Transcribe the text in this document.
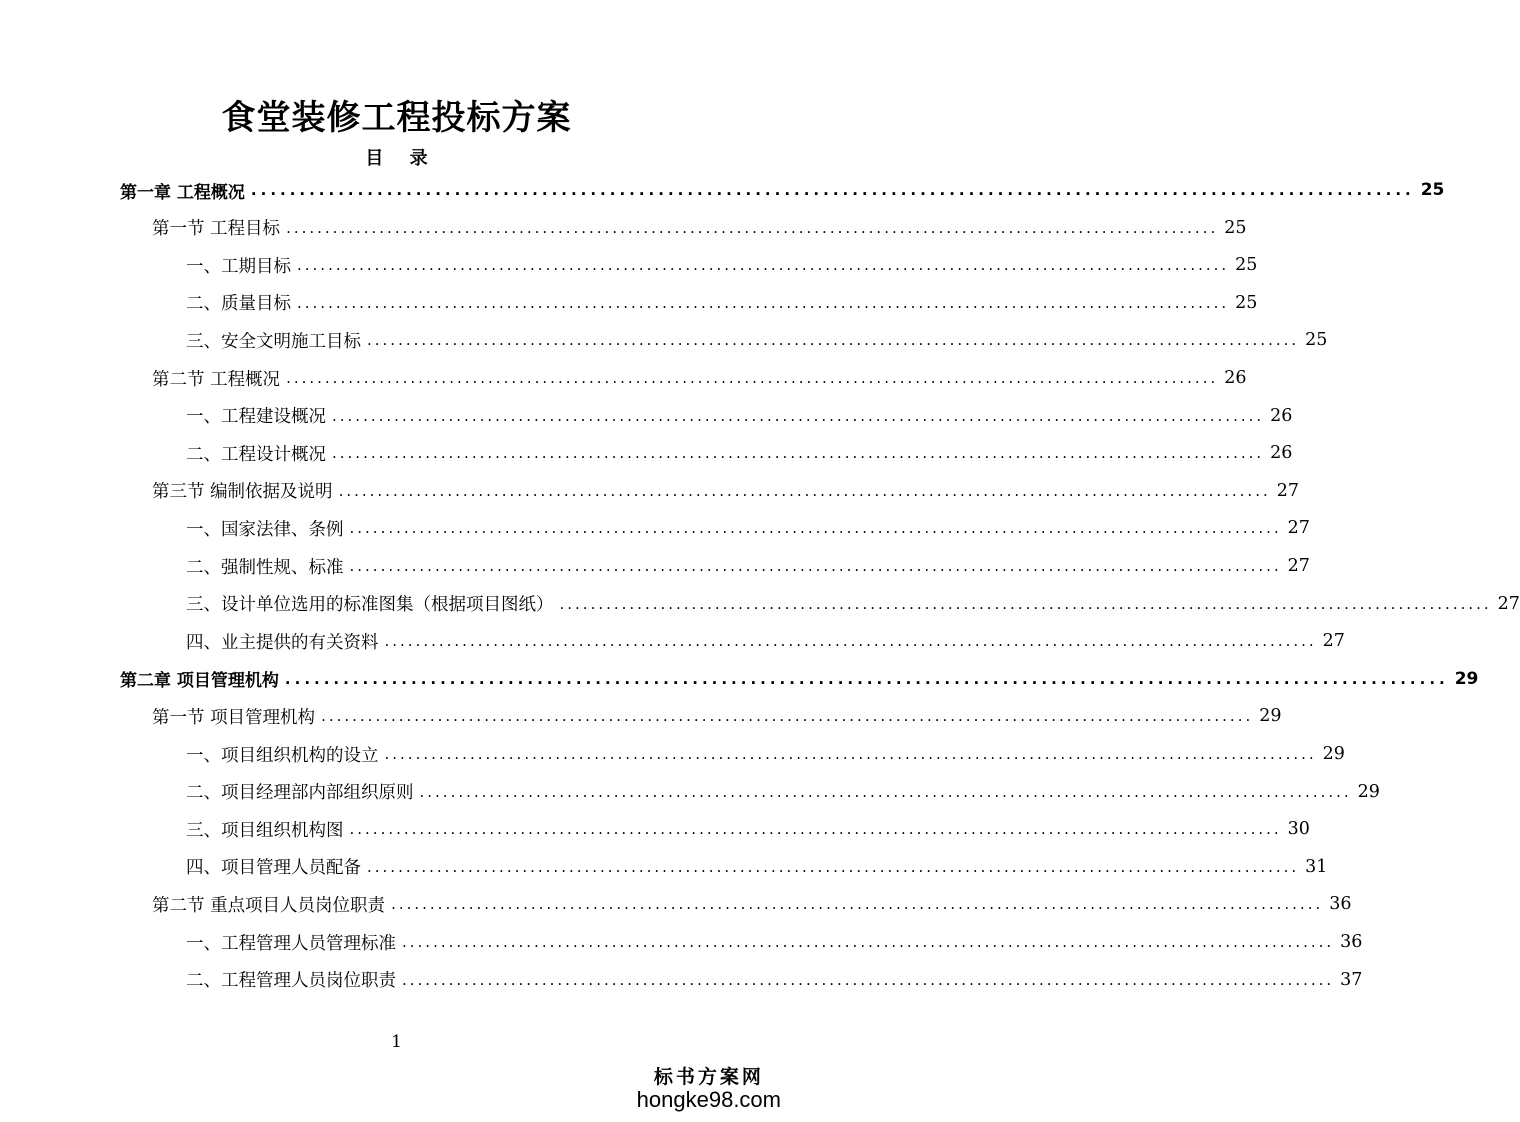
食堂装修工程投标方案
目 录
第一章 工程概况 ........................................................................................................................ 25
第一节 工程目标 ........................................................................................................................ 25
一、工期目标 ........................................................................................................................ 25
二、质量目标 ........................................................................................................................ 25
三、安全文明施工目标 ........................................................................................................................ 25
第二节 工程概况 ........................................................................................................................ 26
一、工程建设概况 ........................................................................................................................ 26
二、工程设计概况 ........................................................................................................................ 26
第三节 编制依据及说明 ........................................................................................................................ 27
一、国家法律、条例 ........................................................................................................................ 27
二、强制性规、标准 ........................................................................................................................ 27
三、设计单位选用的标准图集（根据项目图纸） ........................................................................................................................ 27
四、业主提供的有关资料 ........................................................................................................................ 27
第二章 项目管理机构 ........................................................................................................................ 29
第一节 项目管理机构 ........................................................................................................................ 29
一、项目组织机构的设立 ........................................................................................................................ 29
二、项目经理部内部组织原则 ........................................................................................................................ 29
三、项目组织机构图 ........................................................................................................................ 30
四、项目管理人员配备 ........................................................................................................................ 31
第二节 重点项目人员岗位职责 ........................................................................................................................ 36
一、工程管理人员管理标准 ........................................................................................................................ 36
二、工程管理人员岗位职责 ........................................................................................................................ 37
1
标书方案网
hongke98.com
